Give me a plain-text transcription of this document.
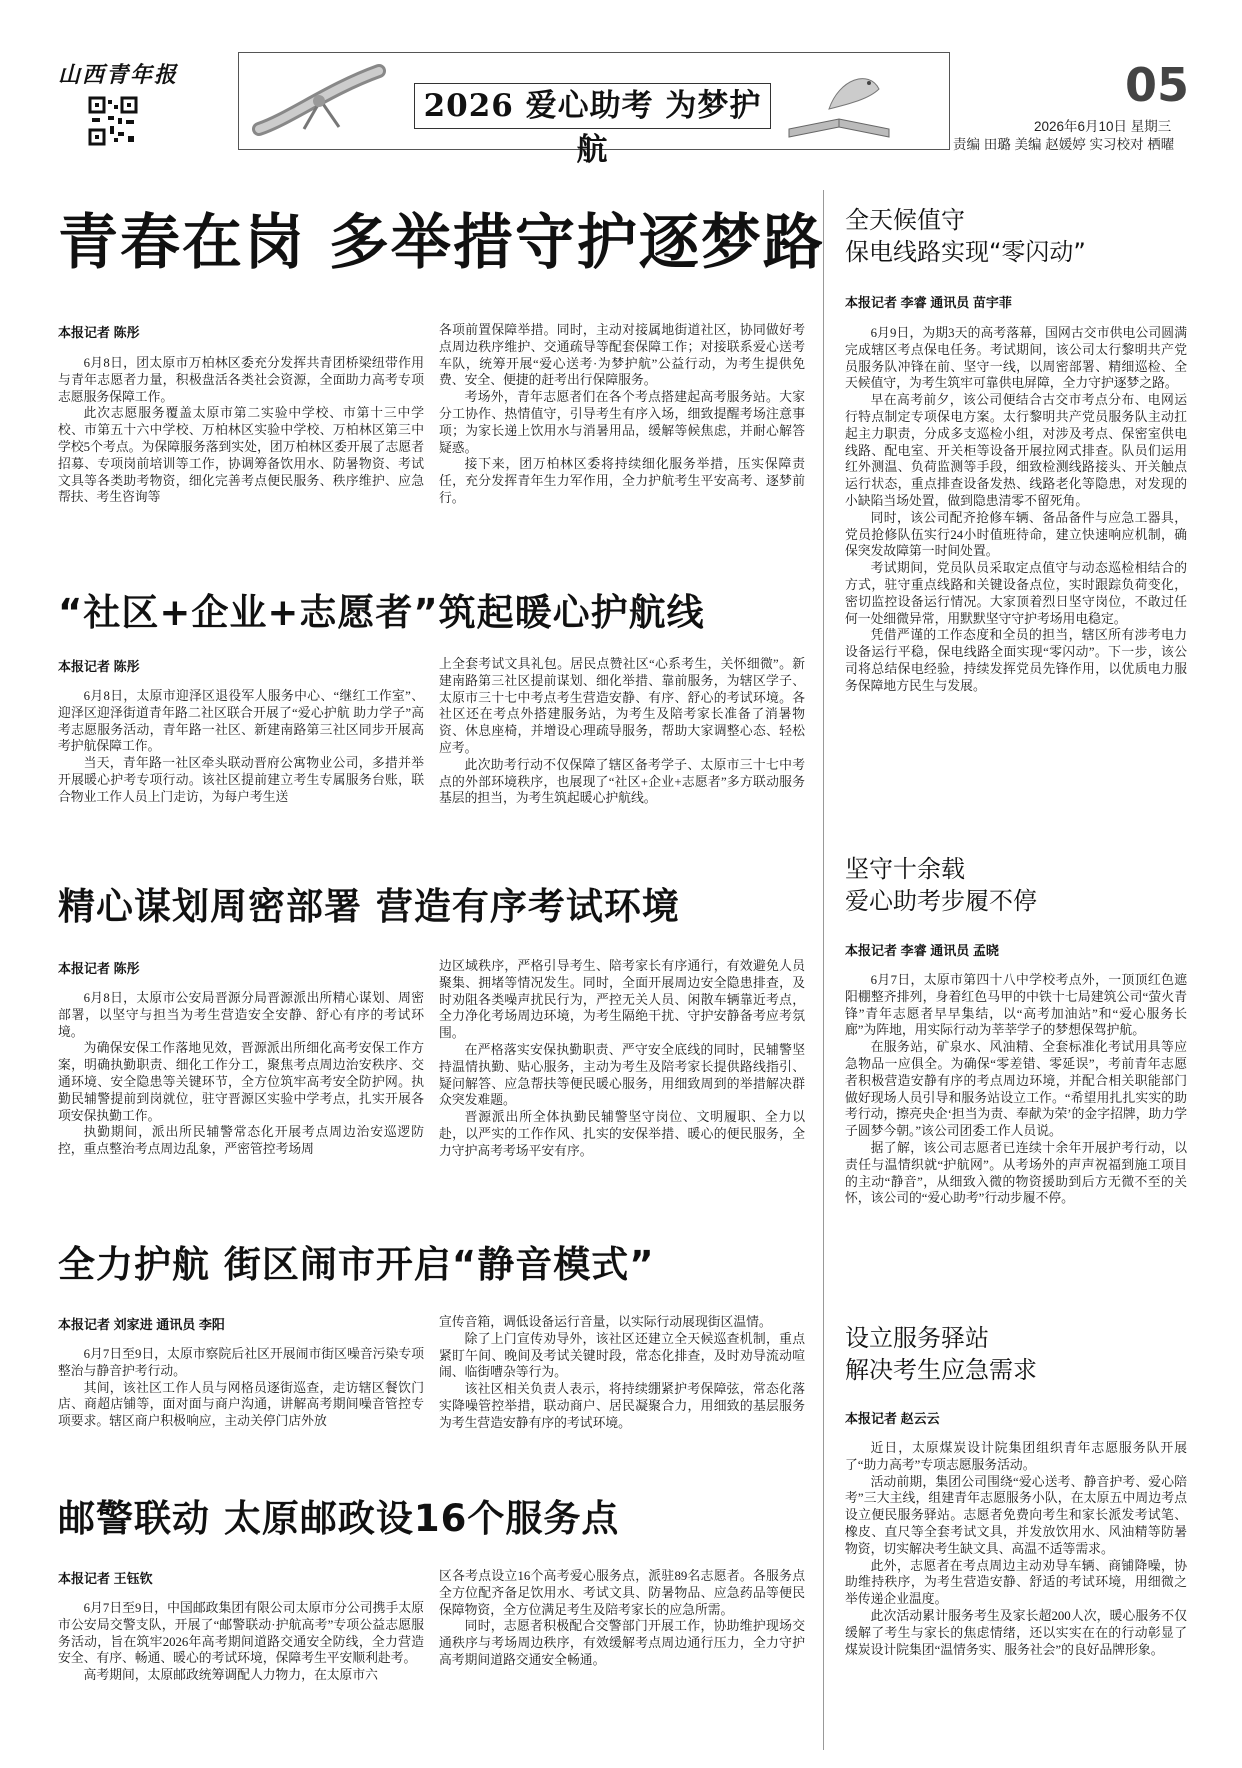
山西青年报
2026 爱心助考 为梦护航
05
2026年6月10日 星期三
责编 田璐 美编 赵媛婷 实习校对 栖曜
青春在岗 多举措守护逐梦路
本报记者 陈彤

6月8日，团太原市万柏林区委充分发挥共青团桥梁纽带作用与青年志愿者力量，积极盘活各类社会资源，全面助力高考专项志愿服务保障工作。

此次志愿服务覆盖太原市第二实验中学校、市第十三中学校、市第五十六中学校、万柏林区实验中学校、万柏林区第三中学校5个考点。为保障服务落到实处，团万柏林区委开展了志愿者招募、专项岗前培训等工作，协调筹备饮用水、防暑物资、考试文具等各类助考物资，细化完善考点便民服务、秩序维护、应急帮扶、考生咨询等

各项前置保障举措。同时，主动对接属地街道社区，协同做好考点周边秩序维护、交通疏导等配套保障工作；对接联系爱心送考车队，统筹开展“爱心送考·为梦护航”公益行动，为考生提供免费、安全、便捷的赶考出行保障服务。

考场外，青年志愿者们在各个考点搭建起高考服务站。大家分工协作、热情值守，引导考生有序入场，细致提醒考场注意事项；为家长递上饮用水与消暑用品，缓解等候焦虑，并耐心解答疑惑。

接下来，团万柏林区委将持续细化服务举措，压实保障责任，充分发挥青年生力军作用，全力护航考生平安高考、逐梦前行。

“社区+企业+志愿者”筑起暖心护航线
本报记者 陈彤

6月8日，太原市迎泽区退役军人服务中心、“继红工作室”、迎泽区迎泽街道青年路二社区联合开展了“爱心护航 助力学子”高考志愿服务活动，青年路一社区、新建南路第三社区同步开展高考护航保障工作。

当天，青年路一社区牵头联动晋府公寓物业公司，多措并举开展暖心护考专项行动。该社区提前建立考生专属服务台账，联合物业工作人员上门走访，为每户考生送

上全套考试文具礼包。居民点赞社区“心系考生，关怀细微”。新建南路第三社区提前谋划、细化举措、靠前服务，为辖区学子、太原市三十七中考点考生营造安静、有序、舒心的考试环境。各社区还在考点外搭建服务站，为考生及陪考家长准备了消暑物资、休息座椅，并增设心理疏导服务，帮助大家调整心态、轻松应考。

此次助考行动不仅保障了辖区备考学子、太原市三十七中考点的外部环境秩序，也展现了“社区+企业+志愿者”多方联动服务基层的担当，为考生筑起暖心护航线。

精心谋划周密部署 营造有序考试环境
本报记者 陈彤

6月8日，太原市公安局晋源分局晋源派出所精心谋划、周密部署，以坚守与担当为考生营造安全安静、舒心有序的考试环境。

为确保安保工作落地见效，晋源派出所细化高考安保工作方案，明确执勤职责、细化工作分工，聚焦考点周边治安秩序、交通环境、安全隐患等关键环节，全方位筑牢高考安全防护网。执勤民辅警提前到岗就位，驻守晋源区实验中学考点，扎实开展各项安保执勤工作。

执勤期间，派出所民辅警常态化开展考点周边治安巡逻防控，重点整治考点周边乱象，严密管控考场周

边区域秩序，严格引导考生、陪考家长有序通行，有效避免人员聚集、拥堵等情况发生。同时，全面开展周边安全隐患排查，及时劝阻各类噪声扰民行为，严控无关人员、闲散车辆靠近考点，全力净化考场周边环境，为考生隔绝干扰、守护安静备考应考氛围。

在严格落实安保执勤职责、严守安全底线的同时，民辅警坚持温情执勤、贴心服务，主动为考生及陪考家长提供路线指引、疑问解答、应急帮扶等便民暖心服务，用细致周到的举措解决群众突发难题。

晋源派出所全体执勤民辅警坚守岗位、文明履职、全力以赴，以严实的工作作风、扎实的安保举措、暖心的便民服务，全力守护高考考场平安有序。

全力护航 街区闹市开启“静音模式”
本报记者 刘家进 通讯员 李阳

6月7日至9日，太原市察院后社区开展闹市街区噪音污染专项整治与静音护考行动。

其间，该社区工作人员与网格员逐街巡查，走访辖区餐饮门店、商超店铺等，面对面与商户沟通，讲解高考期间噪音管控专项要求。辖区商户积极响应，主动关停门店外放

宣传音箱，调低设备运行音量，以实际行动展现街区温情。

除了上门宣传劝导外，该社区还建立全天候巡查机制，重点紧盯午间、晚间及考试关键时段，常态化排查，及时劝导流动喧闹、临街嘈杂等行为。

该社区相关负责人表示，将持续绷紧护考保障弦，常态化落实降噪管控举措，联动商户、居民凝聚合力，用细致的基层服务为考生营造安静有序的考试环境。

邮警联动 太原邮政设16个服务点
本报记者 王钰钦

6月7日至9日，中国邮政集团有限公司太原市分公司携手太原市公安局交警支队，开展了“邮警联动·护航高考”专项公益志愿服务活动，旨在筑牢2026年高考期间道路交通安全防线，全力营造安全、有序、畅通、暖心的考试环境，保障考生平安顺利赴考。

高考期间，太原邮政统筹调配人力物力，在太原市六

区各考点设立16个高考爱心服务点，派驻89名志愿者。各服务点全方位配齐备足饮用水、考试文具、防暑物品、应急药品等便民保障物资，全方位满足考生及陪考家长的应急所需。

同时，志愿者积极配合交警部门开展工作，协助维护现场交通秩序与考场周边秩序，有效缓解考点周边通行压力，全力守护高考期间道路交通安全畅通。

全天候值守
保电线路实现“零闪动”
本报记者 李睿 通讯员 苗宇菲

6月9日，为期3天的高考落幕，国网古交市供电公司圆满完成辖区考点保电任务。考试期间，该公司太行黎明共产党员服务队冲锋在前、坚守一线，以周密部署、精细巡检、全天候值守，为考生筑牢可靠供电屏障，全力守护逐梦之路。

早在高考前夕，该公司便结合古交市考点分布、电网运行特点制定专项保电方案。太行黎明共产党员服务队主动扛起主力职责，分成多支巡检小组，对涉及考点、保密室供电线路、配电室、开关柜等设备开展拉网式排查。队员们运用红外测温、负荷监测等手段，细致检测线路接头、开关触点运行状态，重点排查设备发热、线路老化等隐患，对发现的小缺陷当场处置，做到隐患清零不留死角。

同时，该公司配齐抢修车辆、备品备件与应急工器具，党员抢修队伍实行24小时值班待命，建立快速响应机制，确保突发故障第一时间处置。

考试期间，党员队员采取定点值守与动态巡检相结合的方式，驻守重点线路和关键设备点位，实时跟踪负荷变化，密切监控设备运行情况。大家顶着烈日坚守岗位，不敢过任何一处细微异常，用默默坚守守护考场用电稳定。

凭借严谨的工作态度和全员的担当，辖区所有涉考电力设备运行平稳，保电线路全面实现“零闪动”。下一步，该公司将总结保电经验，持续发挥党员先锋作用，以优质电力服务保障地方民生与发展。

坚守十余载
爱心助考步履不停
本报记者 李睿 通讯员 孟晓

6月7日，太原市第四十八中学校考点外，一顶顶红色遮阳棚整齐排列，身着红色马甲的中铁十七局建筑公司“萤火青锋”青年志愿者早早集结，以“高考加油站”和“爱心服务长廊”为阵地，用实际行动为莘莘学子的梦想保驾护航。

在服务站，矿泉水、风油精、全套标准化考试用具等应急物品一应俱全。为确保“零差错、零延误”，考前青年志愿者积极营造安静有序的考点周边环境，并配合相关职能部门做好现场人员引导和服务站设立工作。“希望用扎扎实实的助考行动，擦亮央企‘担当为责、奉献为荣’的金字招牌，助力学子圆梦今朝。”该公司团委工作人员说。

据了解，该公司志愿者已连续十余年开展护考行动，以责任与温情织就“护航网”。从考场外的声声祝福到施工项目的主动“静音”，从细致入微的物资援助到后方无微不至的关怀，该公司的“爱心助考”行动步履不停。

设立服务驿站
解决考生应急需求
本报记者 赵云云

近日，太原煤炭设计院集团组织青年志愿服务队开展了“助力高考”专项志愿服务活动。

活动前期，集团公司围绕“爱心送考、静音护考、爱心陪考”三大主线，组建青年志愿服务小队，在太原五中周边考点设立便民服务驿站。志愿者免费向考生和家长派发考试笔、橡皮、直尺等全套考试文具，并发放饮用水、风油精等防暑物资，切实解决考生缺文具、高温不适等需求。

此外，志愿者在考点周边主动劝导车辆、商铺降噪，协助维持秩序，为考生营造安静、舒适的考试环境，用细微之举传递企业温度。

此次活动累计服务考生及家长超200人次，暖心服务不仅缓解了考生与家长的焦虑情绪，还以实实在在的行动彰显了煤炭设计院集团“温情务实、服务社会”的良好品牌形象。
